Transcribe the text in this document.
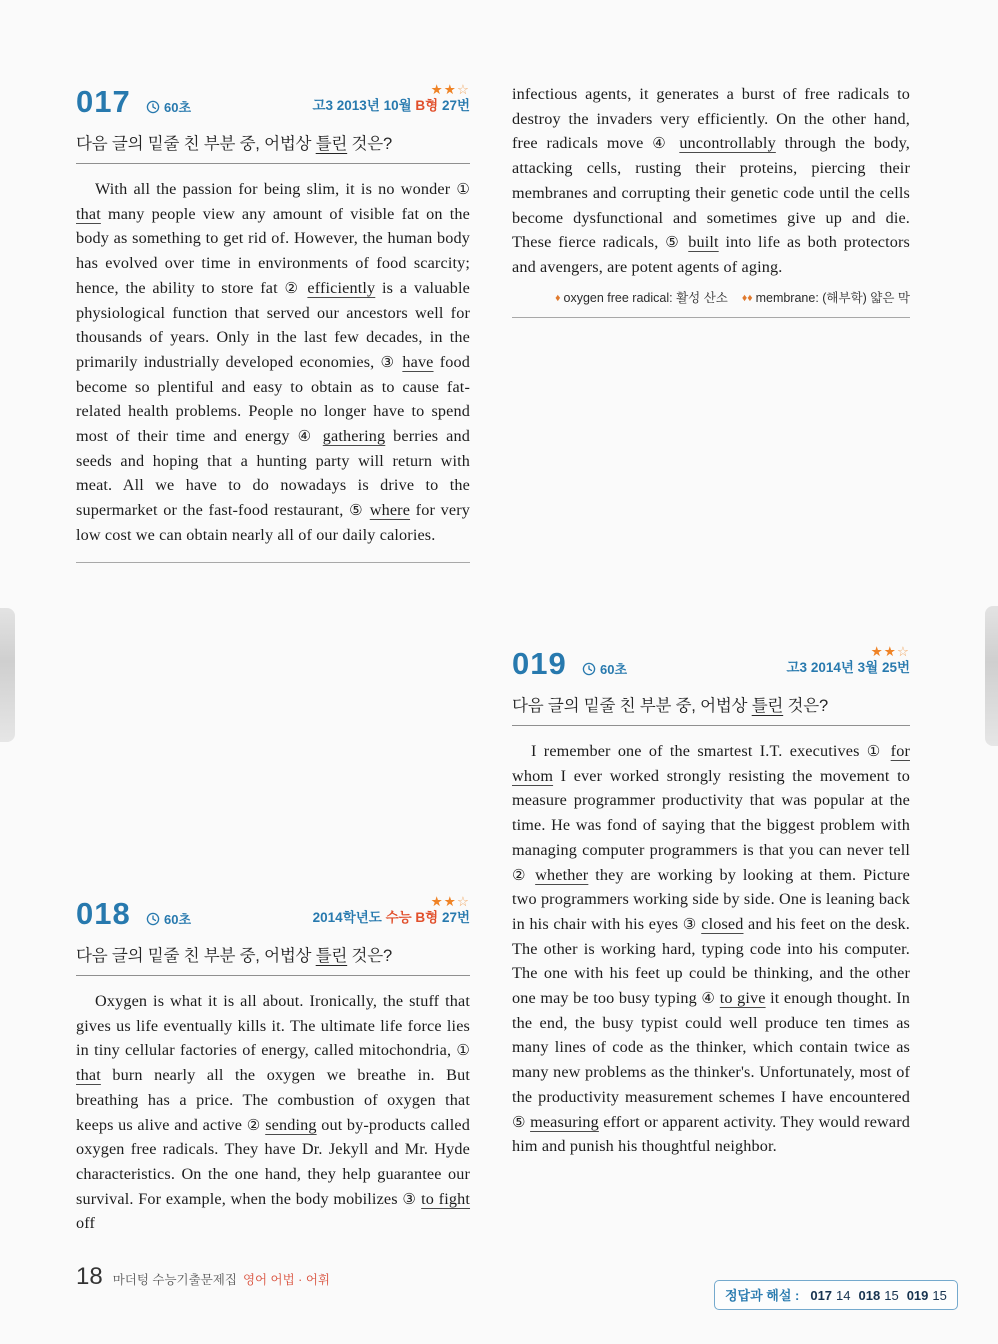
017	60초
★★☆
고3 2013년 10월 B형 27번

다음 글의 밑줄 친 부분 중, 어법상 틀린 것은?

With all the passion for being slim, it is no wonder ① that many people view any amount of visible fat on the body as something to get rid of. However, the human body has evolved over time in environments of food scarcity; hence, the ability to store fat ② efficiently is a valuable physiological function that served our ancestors well for thousands of years. Only in the last few decades, in the primarily industrially developed economies, ③ have food become so plentiful and easy to obtain as to cause fat-related health problems. People no longer have to spend most of their time and energy ④ gathering berries and seeds and hoping that a hunting party will return with meat. All we have to do nowadays is drive to the supermarket or the fast-food restaurant, ⑤ where for very low cost we can obtain nearly all of our daily calories.

infectious agents, it generates a burst of free radicals to destroy the invaders very efficiently. On the other hand, free radicals move ④ uncontrollably through the body, attacking cells, rusting their proteins, piercing their membranes and corrupting their genetic code until the cells become dysfunctional and sometimes give up and die. These fierce radicals, ⑤ built into life as both protectors and avengers, are potent agents of aging.

♦ oxygen free radical: 활성 산소 ♦♦ membrane: (해부학) 얇은 막
019	60초
★★☆
고3 2014년 3월 25번

다음 글의 밑줄 친 부분 중, 어법상 틀린 것은?

I remember one of the smartest I.T. executives ① for whom I ever worked strongly resisting the movement to measure programmer productivity that was popular at the time. He was fond of saying that the biggest problem with managing computer programmers is that you can never tell ② whether they are working by looking at them. Picture two programmers working side by side. One is leaning back in his chair with his eyes ③ closed and his feet on the desk. The other is working hard, typing code into his computer. The one with his feet up could be thinking, and the other one may be too busy typing ④ to give it enough thought. In the end, the busy typist could well produce ten times as many lines of code as the thinker, which contain twice as many new problems as the thinker's. Unfortunately, most of the productivity measurement schemes I have encountered ⑤ measuring effort or apparent activity. They would reward him and punish his thoughtful neighbor.

018	60초
★★☆
2014학년도 수능 B형 27번

다음 글의 밑줄 친 부분 중, 어법상 틀린 것은?

Oxygen is what it is all about. Ironically, the stuff that gives us life eventually kills it. The ultimate life force lies in tiny cellular factories of energy, called mitochondria, ① that burn nearly all the oxygen we breathe in. But breathing has a price. The combustion of oxygen that keeps us alive and active ② sending out by-products called oxygen free radicals. They have Dr. Jekyll and Mr. Hyde characteristics. On the one hand, they help guarantee our survival. For example, when the body mobilizes ③ to fight off

18 마더텅 수능기출문제집 영어 어법 · 어휘
정답과 해설 : 017 14 018 15 019 15
